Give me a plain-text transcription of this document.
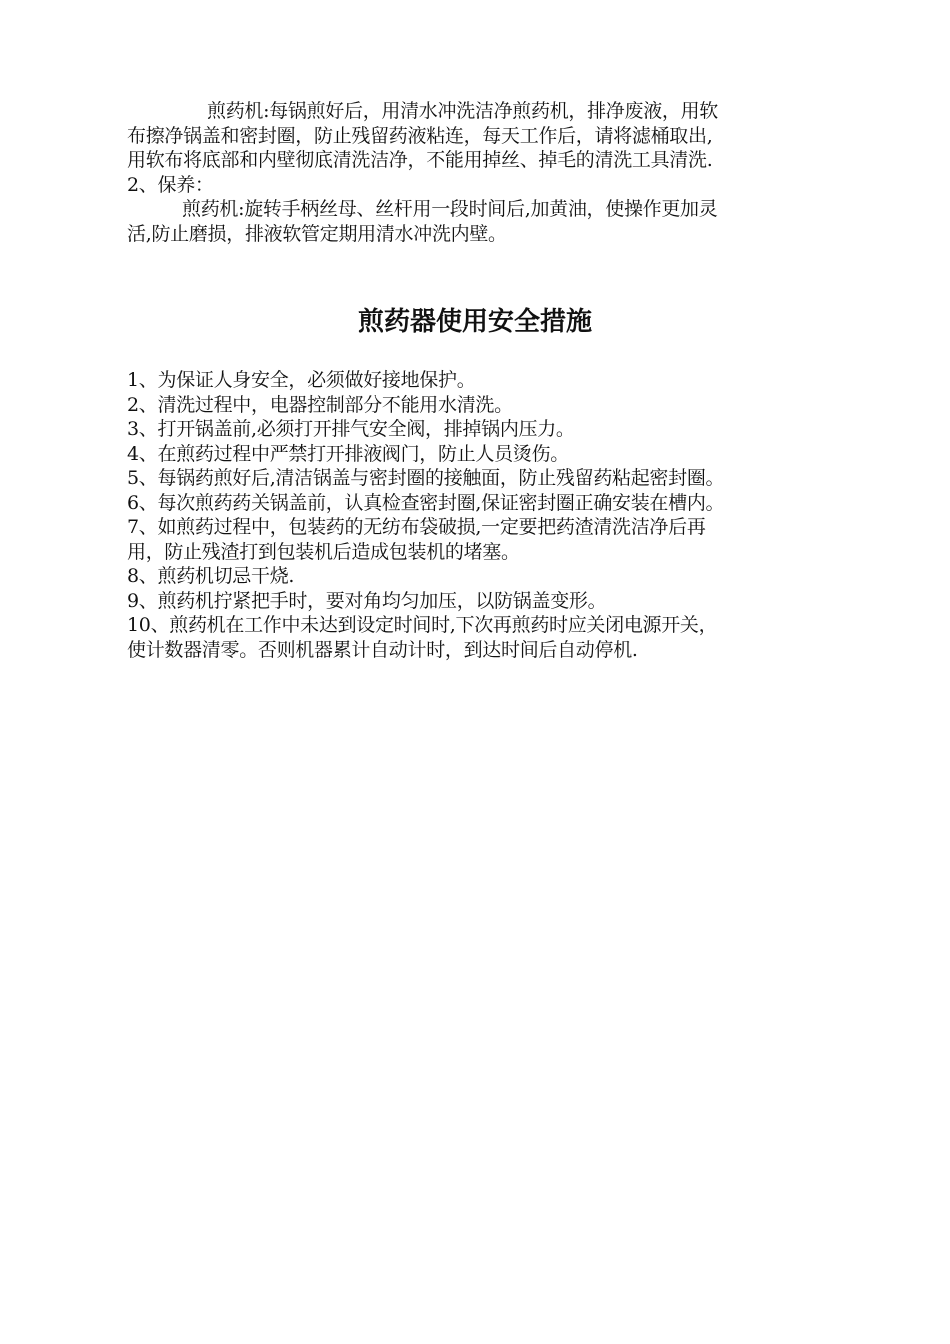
煎药机:每锅煎好后，用清水冲洗洁净煎药机，排净废液，用软
布擦净锅盖和密封圈，防止残留药液粘连，每天工作后，请将滤桶取出,
用软布将底部和内壁彻底清洗洁净，不能用掉丝、掉毛的清洗工具清洗.
2、保养：
煎药机:旋转手柄丝母、丝杆用一段时间后,加黄油，使操作更加灵
活,防止磨损，排液软管定期用清水冲洗内壁。
煎药器使用安全措施
1、为保证人身安全，必须做好接地保护。
2、清洗过程中，电器控制部分不能用水清洗。
3、打开锅盖前,必须打开排气安全阀，排掉锅内压力。
4、在煎药过程中严禁打开排液阀门，防止人员烫伤。
5、每锅药煎好后,清洁锅盖与密封圈的接触面，防止残留药粘起密封圈。
6、每次煎药药关锅盖前，认真检查密封圈,保证密封圈正确安装在槽内。
7、如煎药过程中，包装药的无纺布袋破损,一定要把药渣清洗洁净后再
用，防止残渣打到包装机后造成包装机的堵塞。
8、煎药机切忌干烧.
9、煎药机拧紧把手时，要对角均匀加压，以防锅盖变形。
10、煎药机在工作中未达到设定时间时,下次再煎药时应关闭电源开关，
使计数器清零。否则机器累计自动计时，到达时间后自动停机.
